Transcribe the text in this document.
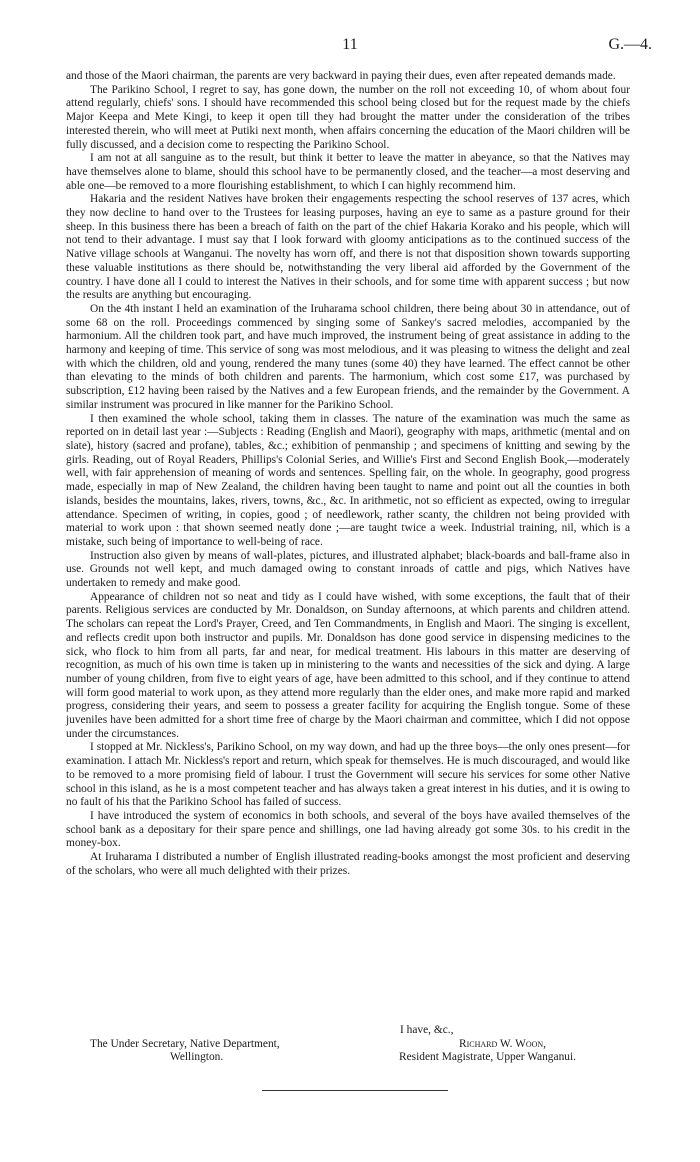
11	G.—4.

and those of the Maori chairman, the parents are very backward in paying their dues, even after repeated demands made.

The Parikino School, I regret to say, has gone down, the number on the roll not exceeding 10, of whom about four attend regularly, chiefs' sons. I should have recommended this school being closed but for the request made by the chiefs Major Keepa and Mete Kingi, to keep it open till they had brought the matter under the consideration of the tribes interested therein, who will meet at Putiki next month, when affairs concerning the education of the Maori children will be fully discussed, and a decision come to respecting the Parikino School.

I am not at all sanguine as to the result, but think it better to leave the matter in abeyance, so that the Natives may have themselves alone to blame, should this school have to be permanently closed, and the teacher—a most deserving and able one—be removed to a more flourishing establishment, to which I can highly recommend him.

Hakaria and the resident Natives have broken their engagements respecting the school reserves of 137 acres, which they now decline to hand over to the Trustees for leasing purposes, having an eye to same as a pasture ground for their sheep. In this business there has been a breach of faith on the part of the chief Hakaria Korako and his people, which will not tend to their advantage. I must say that I look forward with gloomy anticipations as to the continued success of the Native village schools at Wanganui. The novelty has worn off, and there is not that disposition shown towards supporting these valuable institutions as there should be, notwithstanding the very liberal aid afforded by the Government of the country. I have done all I could to interest the Natives in their schools, and for some time with apparent success ; but now the results are anything but encouraging.

On the 4th instant I held an examination of the Iruharama school children, there being about 30 in attendance, out of some 68 on the roll. Proceedings commenced by singing some of Sankey's sacred melodies, accompanied by the harmonium. All the children took part, and have much improved, the instrument being of great assistance in adding to the harmony and keeping of time. This service of song was most melodious, and it was pleasing to witness the delight and zeal with which the children, old and young, rendered the many tunes (some 40) they have learned. The effect cannot be other than elevating to the minds of both children and parents. The harmonium, which cost some £17, was purchased by subscription, £12 having been raised by the Natives and a few European friends, and the remainder by the Government. A similar instrument was procured in like manner for the Parikino School.

I then examined the whole school, taking them in classes. The nature of the examination was much the same as reported on in detail last year :—Subjects : Reading (English and Maori), geography with maps, arithmetic (mental and on slate), history (sacred and profane), tables, &c.; exhibition of penmanship ; and specimens of knitting and sewing by the girls. Reading, out of Royal Readers, Phillips's Colonial Series, and Willie's First and Second English Book,—moderately well, with fair apprehension of meaning of words and sentences. Spelling fair, on the whole. In geography, good progress made, especially in map of New Zealand, the children having been taught to name and point out all the counties in both islands, besides the mountains, lakes, rivers, towns, &c., &c. In arithmetic, not so efficient as expected, owing to irregular attendance. Specimen of writing, in copies, good ; of needlework, rather scanty, the children not being provided with material to work upon : that shown seemed neatly done ;—are taught twice a week. Industrial training, nil, which is a mistake, such being of importance to well-being of race.

Instruction also given by means of wall-plates, pictures, and illustrated alphabet; black-boards and ball-frame also in use. Grounds not well kept, and much damaged owing to constant inroads of cattle and pigs, which Natives have undertaken to remedy and make good.

Appearance of children not so neat and tidy as I could have wished, with some exceptions, the fault that of their parents. Religious services are conducted by Mr. Donaldson, on Sunday afternoons, at which parents and children attend. The scholars can repeat the Lord's Prayer, Creed, and Ten Commandments, in English and Maori. The singing is excellent, and reflects credit upon both instructor and pupils. Mr. Donaldson has done good service in dispensing medicines to the sick, who flock to him from all parts, far and near, for medical treatment. His labours in this matter are deserving of recognition, as much of his own time is taken up in ministering to the wants and necessities of the sick and dying. A large number of young children, from five to eight years of age, have been admitted to this school, and if they continue to attend will form good material to work upon, as they attend more regularly than the elder ones, and make more rapid and marked progress, considering their years, and seem to possess a greater facility for acquiring the English tongue. Some of these juveniles have been admitted for a short time free of charge by the Maori chairman and committee, which I did not oppose under the circumstances.

I stopped at Mr. Nickless's, Parikino School, on my way down, and had up the three boys—the only ones present—for examination. I attach Mr. Nickless's report and return, which speak for themselves. He is much discouraged, and would like to be removed to a more promising field of labour. I trust the Government will secure his services for some other Native school in this island, as he is a most competent teacher and has always taken a great interest in his duties, and it is owing to no fault of his that the Parikino School has failed of success.

I have introduced the system of economics in both schools, and several of the boys have availed themselves of the school bank as a depositary for their spare pence and shillings, one lad having already got some 30s. to his credit in the money-box.

At Iruharama I distributed a number of English illustrated reading-books amongst the most proficient and deserving of the scholars, who were all much delighted with their prizes.

I have, &c.,
The Under Secretary, Native Department,	Richard W. Woon,
Wellington.	Resident Magistrate, Upper Wanganui.
